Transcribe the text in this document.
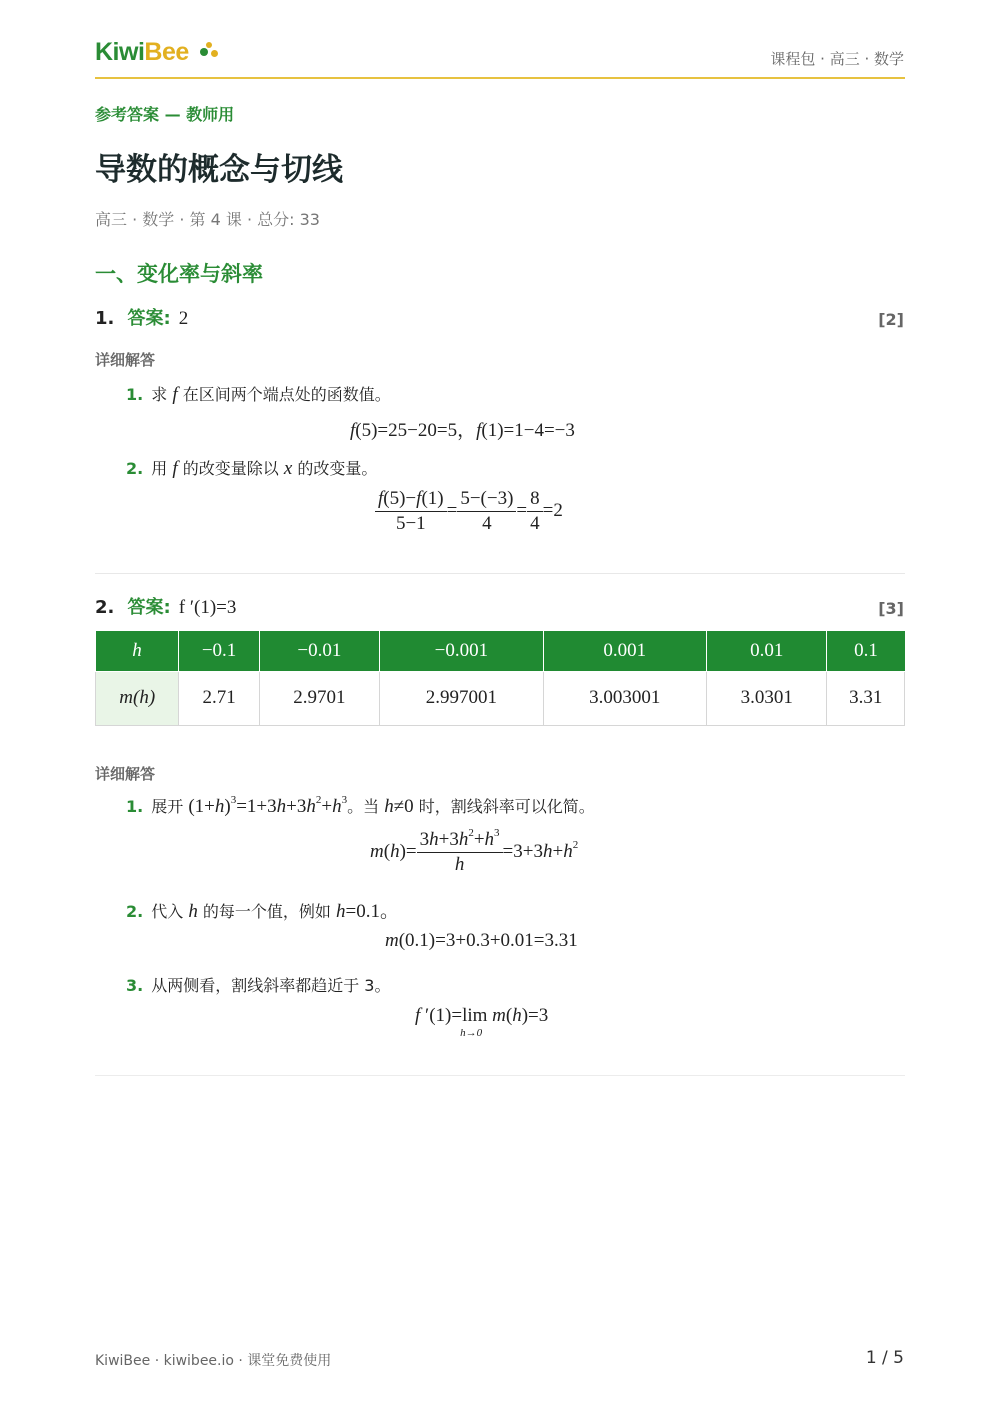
KiwiBee	课程包 · 高三 · 数学
参考答案 — 教师用
导数的概念与切线
高三 · 数学 · 第 4 课 · 总分: 33
一、变化率与斜率
1. 答案: 2	[2]
详细解答
1. 求 f 在区间两个端点处的函数值。
f(5)=25−20=5，f(1)=1−4=−3
2. 用 f 的改变量除以 x 的改变量。
$\frac{f(5)-f(1)}{5-1} = \frac{5-(-3)}{4} = \frac{8}{4} =2$
2. 答案: f ′(1)=3	[3]
h	−0.1	−0.01	−0.001	0.001	0.01	0.1
m(h)	2.71	2.9701	2.997001	3.003001	3.0301	3.31
详细解答
1. 展开 $(1+h)^3=1+3h+3h^2+h^3$。当 h≠0 时，割线斜率可以化简。
$m(h)= \frac{3h+3h^2+h^3}{h} =3+3h+h^2$
2. 代入 h 的每一个值，例如 h=0.1。
m(0.1)=3+0.3+0.01=3.31
3. 从两侧看，割线斜率都趋近于 3。
f ′(1)=lim
h→0
m(h)=3
KiwiBee · kiwibee.io · 课堂免费使用	1 / 5
